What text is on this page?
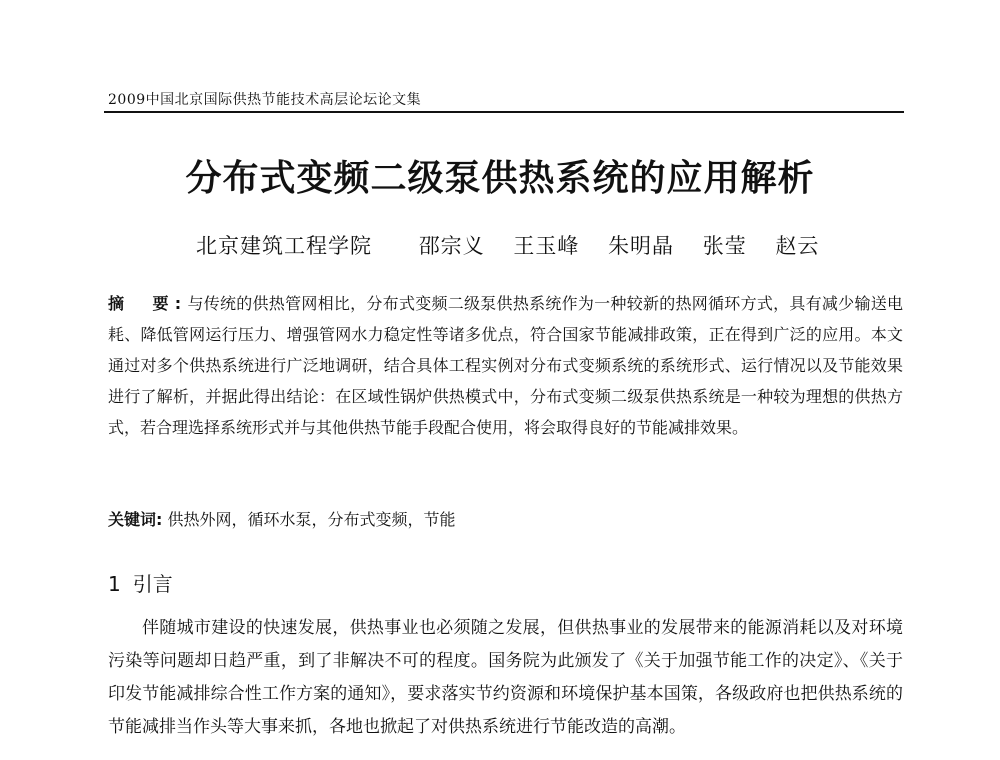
2009中国北京国际供热节能技术高层论坛论文集
分布式变频二级泵供热系统的应用解析
北京建筑工程学院 邵宗义 王玉峰 朱明晶 张莹 赵云
摘　要:与传统的供热管网相比，分布式变频二级泵供热系统作为一种较新的热网循环方式，具有减少输送电耗、降低管网运行压力、增强管网水力稳定性等诸多优点，符合国家节能减排政策，正在得到广泛的应用。本文通过对多个供热系统进行广泛地调研，结合具体工程实例对分布式变频系统的系统形式、运行情况以及节能效果进行了解析，并据此得出结论：在区域性锅炉供热模式中，分布式变频二级泵供热系统是一种较为理想的供热方式，若合理选择系统形式并与其他供热节能手段配合使用，将会取得良好的节能减排效果。
关键词: 供热外网，循环水泵，分布式变频，节能
1 引言
伴随城市建设的快速发展，供热事业也必须随之发展，但供热事业的发展带来的能源消耗以及对环境污染等问题却日趋严重，到了非解决不可的程度。国务院为此颁发了《关于加强节能工作的决定》、《关于印发节能减排综合性工作方案的通知》，要求落实节约资源和环境保护基本国策，各级政府也把供热系统的节能减排当作头等大事来抓，各地也掀起了对供热系统进行节能改造的高潮。
